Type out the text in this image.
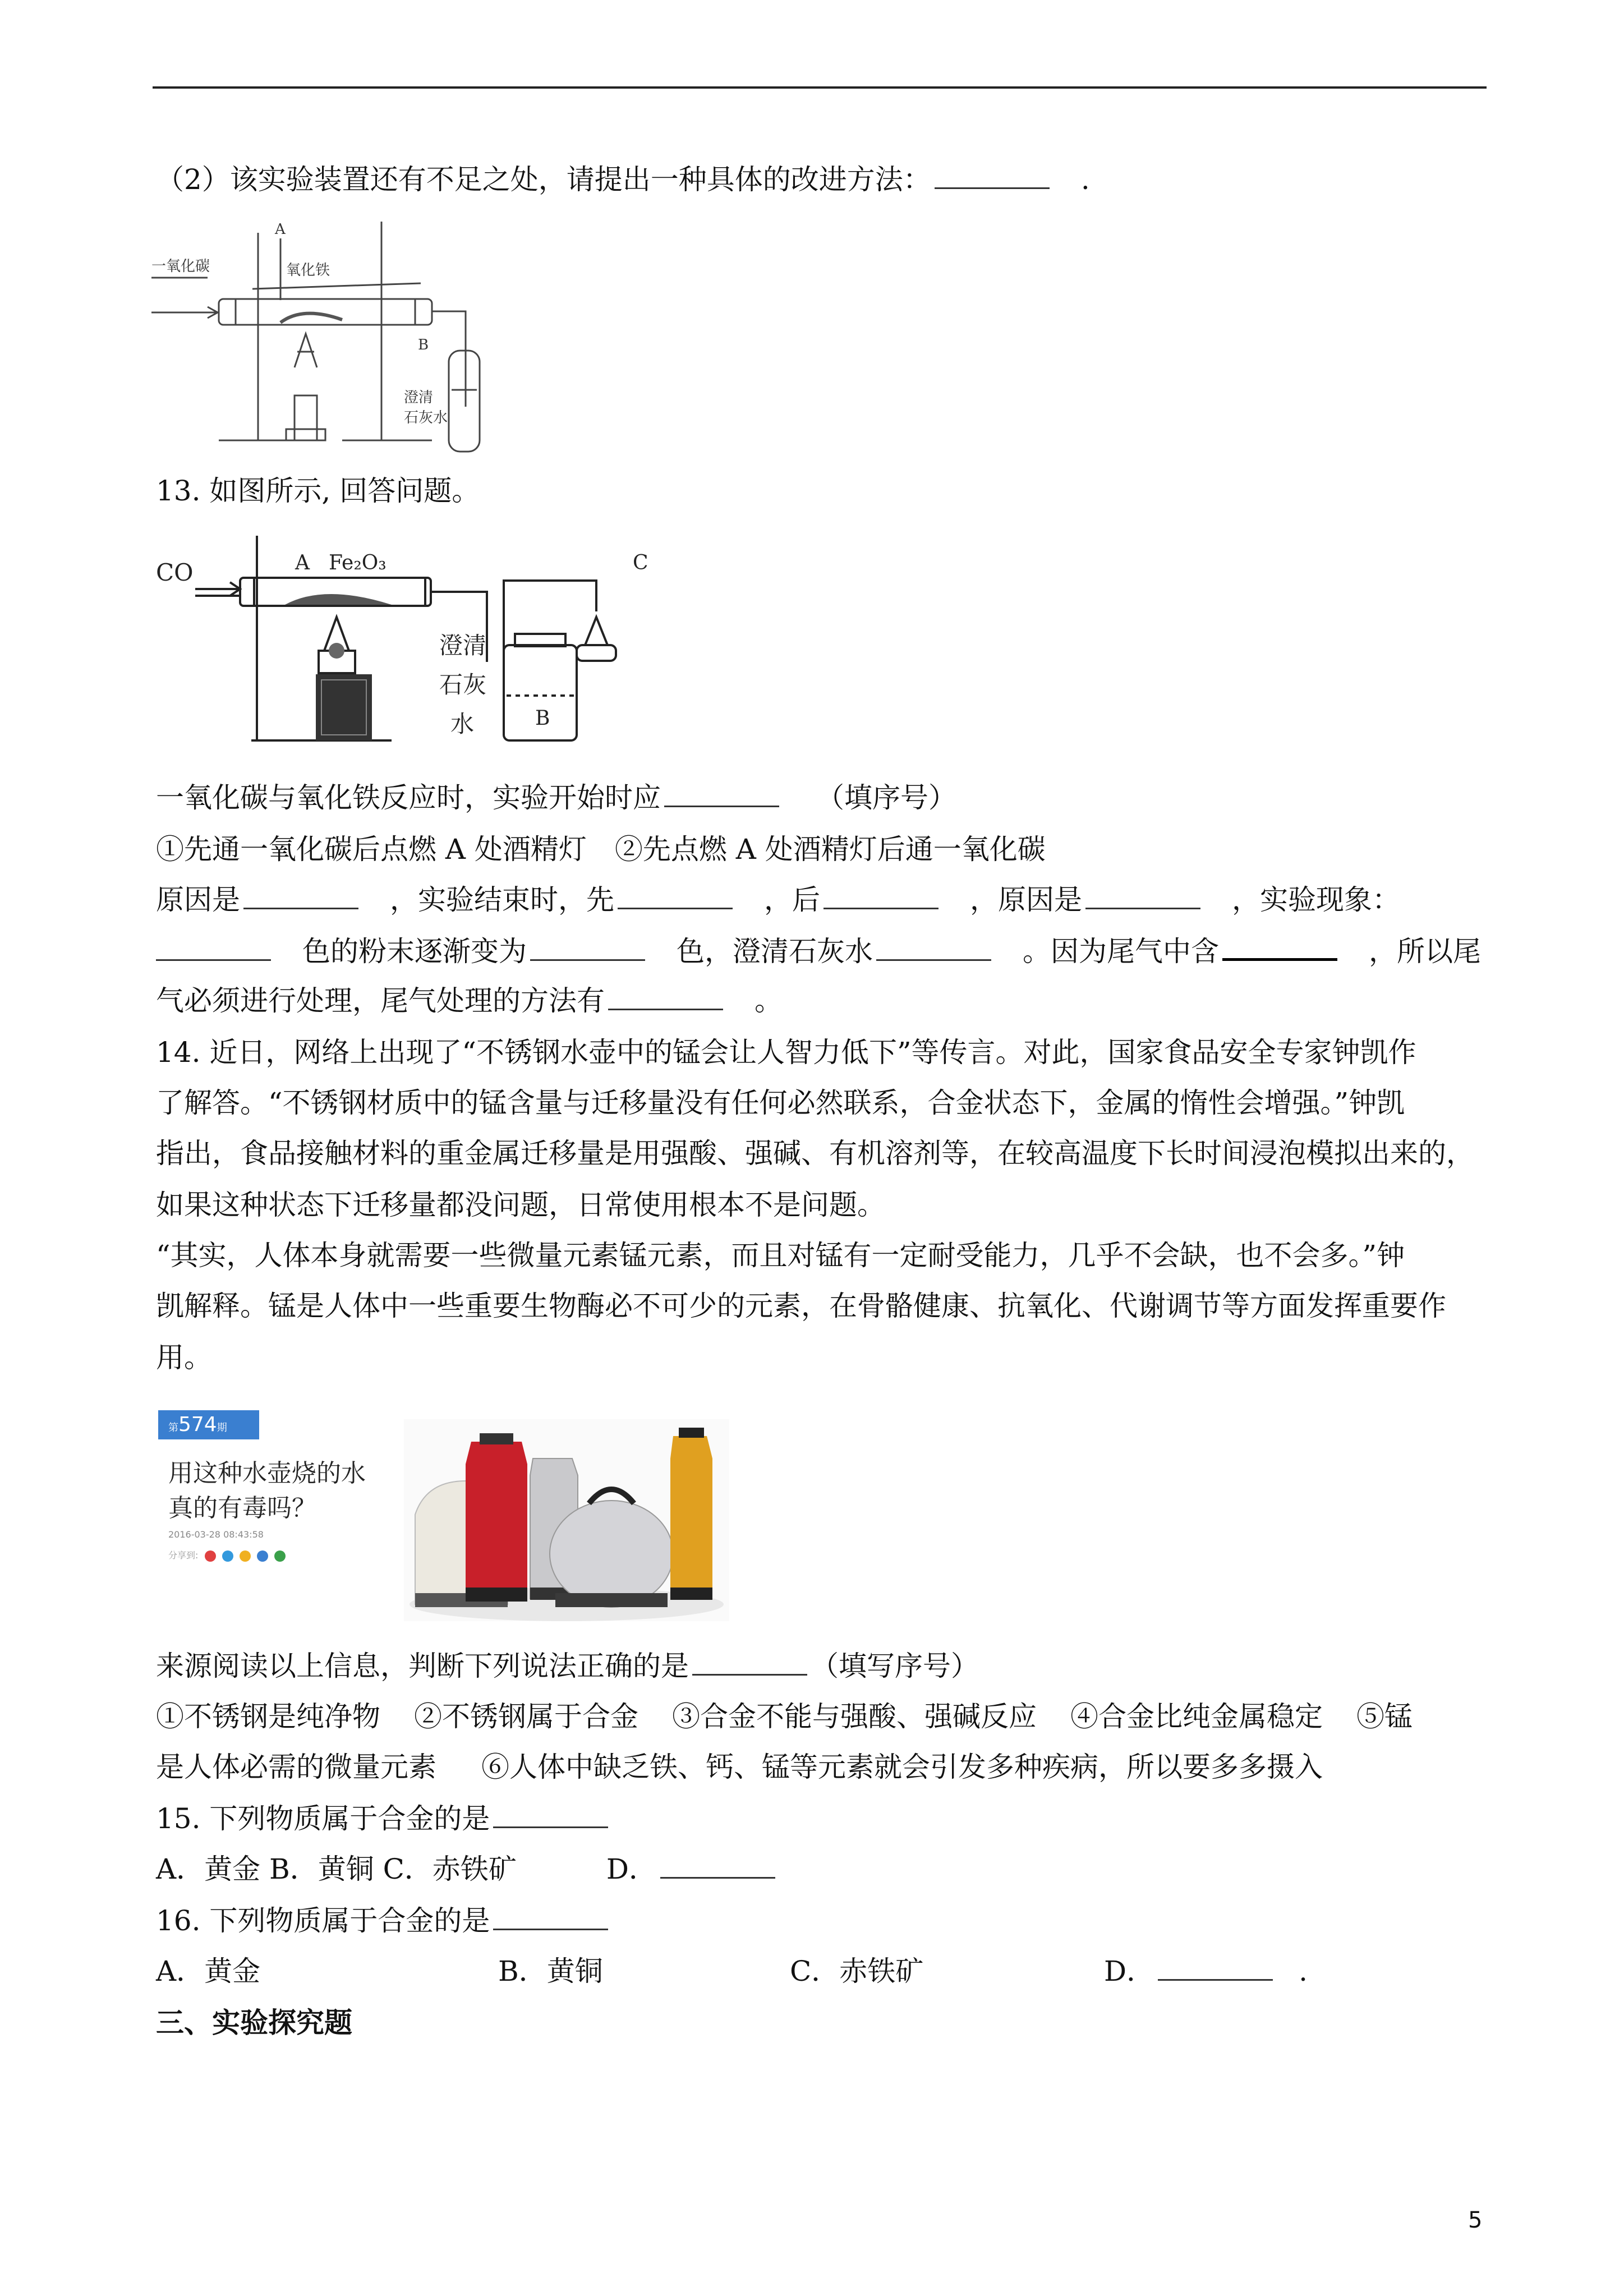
（2）该实验装置还有不足之处，请提出一种具体的改进方法：	.
一氧化碳
A
氧化铁
B
澄清
石灰水
13. 如图所示, 回答问题。
CO	A Fe₂O₃	C
澄清
石灰
水	B
一氧化碳与氧化铁反应时，实验开始时应	（填序号）
①先通一氧化碳后点燃 A 处酒精灯 ②先点燃 A 处酒精灯后通一氧化碳
原因是	，实验结束时，先	，后	，原因是	，实验现象：
色的粉末逐渐变为	色，澄清石灰水	。因为尾气中含	，所以尾
气必须进行处理，尾气处理的方法有	。
14. 近日，网络上出现了“不锈钢水壶中的锰会让人智力低下”等传言。对此，国家食品安全专家钟凯作
了解答。“不锈钢材质中的锰含量与迁移量没有任何必然联系，合金状态下，金属的惰性会增强。”钟凯
指出，食品接触材料的重金属迁移量是用强酸、强碱、有机溶剂等，在较高温度下长时间浸泡模拟出来的，
如果这种状态下迁移量都没问题，日常使用根本不是问题。
“其实，人体本身就需要一些微量元素锰元素，而且对锰有一定耐受能力，几乎不会缺，也不会多。”钟
凯解释。锰是人体中一些重要生物酶必不可少的元素，在骨骼健康、抗氧化、代谢调节等方面发挥重要作
用。
第574期
用这种水壶烧的水
真的有毒吗？
2016-03-28 08:43:58
分享到:
来源阅读以上信息，判断下列说法正确的是	（填写序号）
①不锈钢是纯净物 ②不锈钢属于合金 ③合金不能与强酸、强碱反应 ④合金比纯金属稳定 ⑤锰
是人体必需的微量元素 ⑥人体中缺乏铁、钙、锰等元素就会引发多种疾病，所以要多多摄入
15. 下列物质属于合金的是
A．黄金 B．黄铜 C．赤铁矿	D．
16. 下列物质属于合金的是
A．黄金	B．黄铜	C．赤铁矿	D．	.
三、实验探究题
5
